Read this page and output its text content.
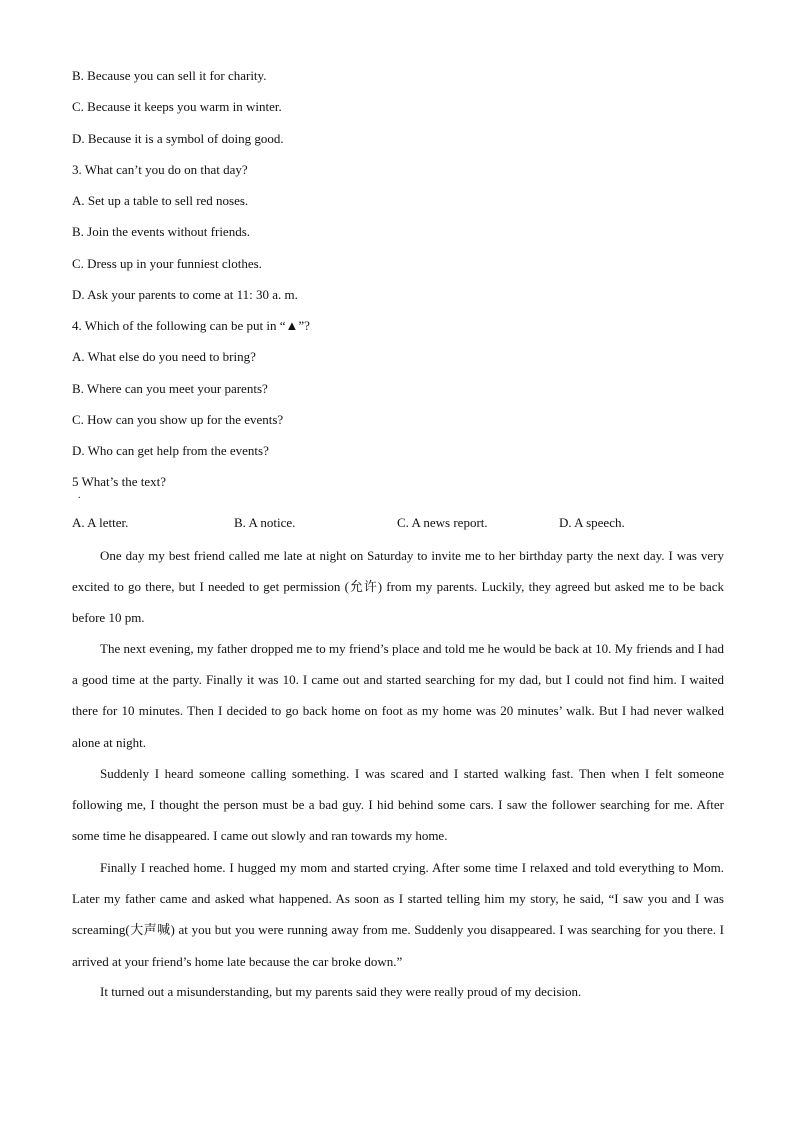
B. Because you can sell it for charity.
C. Because it keeps you warm in winter.
D. Because it is a symbol of doing good.
3. What can’t you do on that day?
A. Set up a table to sell red noses.
B. Join the events without friends.
C. Dress up in your funniest clothes.
D. Ask your parents to come at 11: 30 a. m.
4. Which of the following can be put in “▲”?
A. What else do you need to bring?
B. Where can you meet your parents?
C. How can you show up for the events?
D. Who can get help from the events?
5 What’s the text?
.
A. A letter.	B. A notice.	C. A news report.	D. A speech.
One day my best friend called me late at night on Saturday to invite me to her birthday party the next day. I was very excited to go there, but I needed to get permission (允许) from my parents. Luckily, they agreed but asked me to be back before 10 pm.
The next evening, my father dropped me to my friend’s place and told me he would be back at 10. My friends and I had a good time at the party. Finally it was 10. I came out and started searching for my dad, but I could not find him. I waited there for 10 minutes. Then I decided to go back home on foot as my home was 20 minutes’ walk. But I had never walked alone at night.
Suddenly I heard someone calling something. I was scared and I started walking fast. Then when I felt someone following me, I thought the person must be a bad guy. I hid behind some cars. I saw the follower searching for me. After some time he disappeared. I came out slowly and ran towards my home.
Finally I reached home. I hugged my mom and started crying. After some time I relaxed and told everything to Mom. Later my father came and asked what happened. As soon as I started telling him my story, he said, “I saw you and I was screaming(大声喊) at you but you were running away from me. Suddenly you disappeared. I was searching for you there. I arrived at your friend’s home late because the car broke down.”
It turned out a misunderstanding, but my parents said they were really proud of my decision.
